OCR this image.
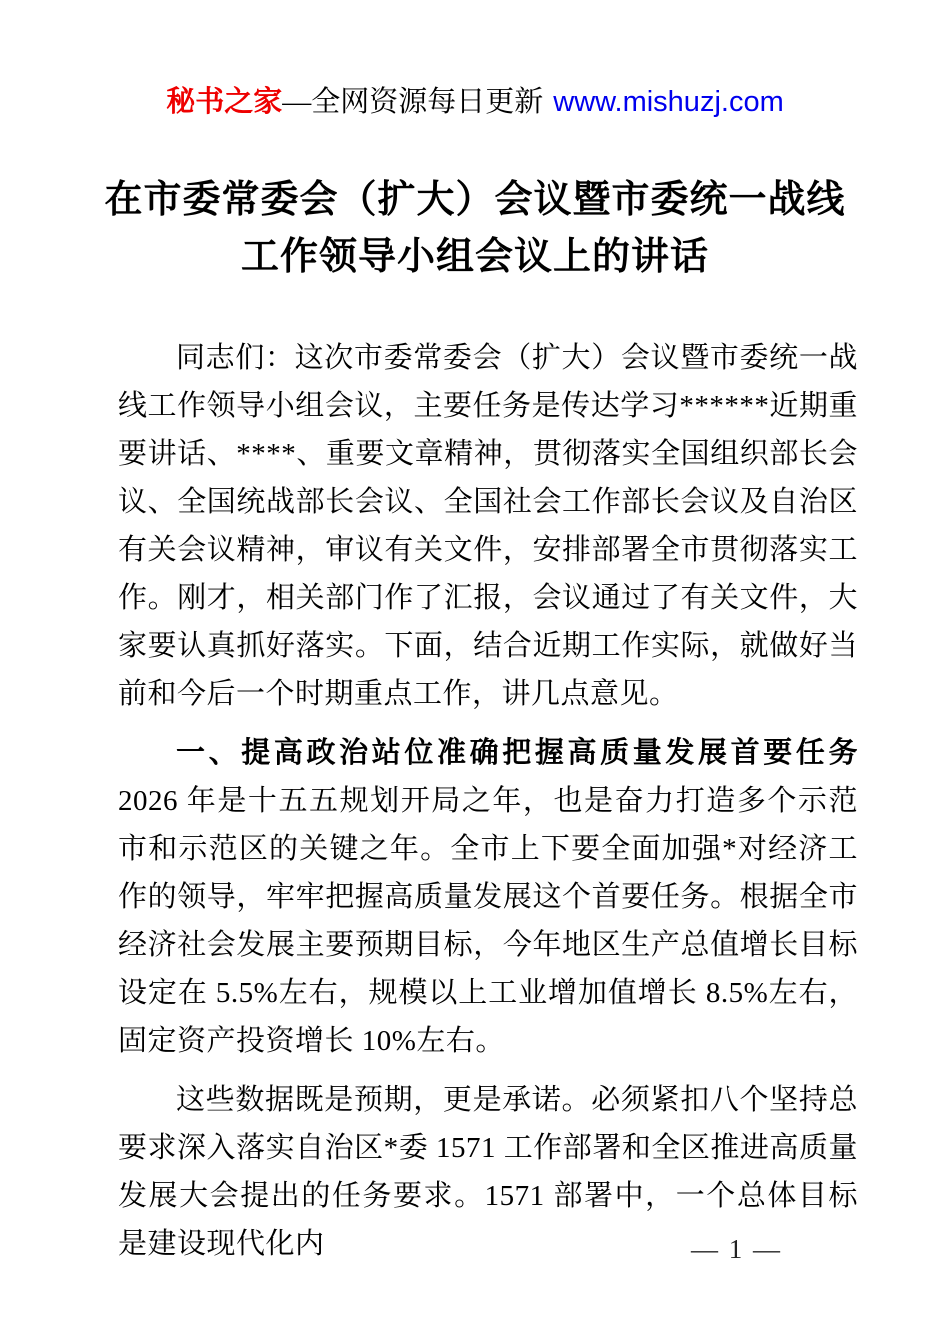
秘书之家—全网资源每日更新 www.mishuzj.com
在市委常委会（扩大）会议暨市委统一战线
工作领导小组会议上的讲话

同志们：这次市委常委会（扩大）会议暨市委统一战线工作领导小组会议，主要任务是传达学习******近期重要讲话、****、重要文章精神，贯彻落实全国组织部长会议、全国统战部长会议、全国社会工作部长会议及自治区有关会议精神，审议有关文件，安排部署全市贯彻落实工作。刚才，相关部门作了汇报，会议通过了有关文件，大家要认真抓好落实。下面，结合近期工作实际，就做好当前和今后一个时期重点工作，讲几点意见。

一、提高政治站位准确把握高质量发展首要任务 2026 年是十五五规划开局之年，也是奋力打造多个示范市和示范区的关键之年。全市上下要全面加强*对经济工作的领导，牢牢把握高质量发展这个首要任务。根据全市经济社会发展主要预期目标，今年地区生产总值增长目标设定在 5.5%左右，规模以上工业增加值增长 8.5%左右，固定资产投资增长 10%左右。

这些数据既是预期，更是承诺。必须紧扣八个坚持总要求深入落实自治区*委 1571 工作部署和全区推进高质量发展大会提出的任务要求。1571 部署中，一个总体目标是建设现代化内	— 1 —
